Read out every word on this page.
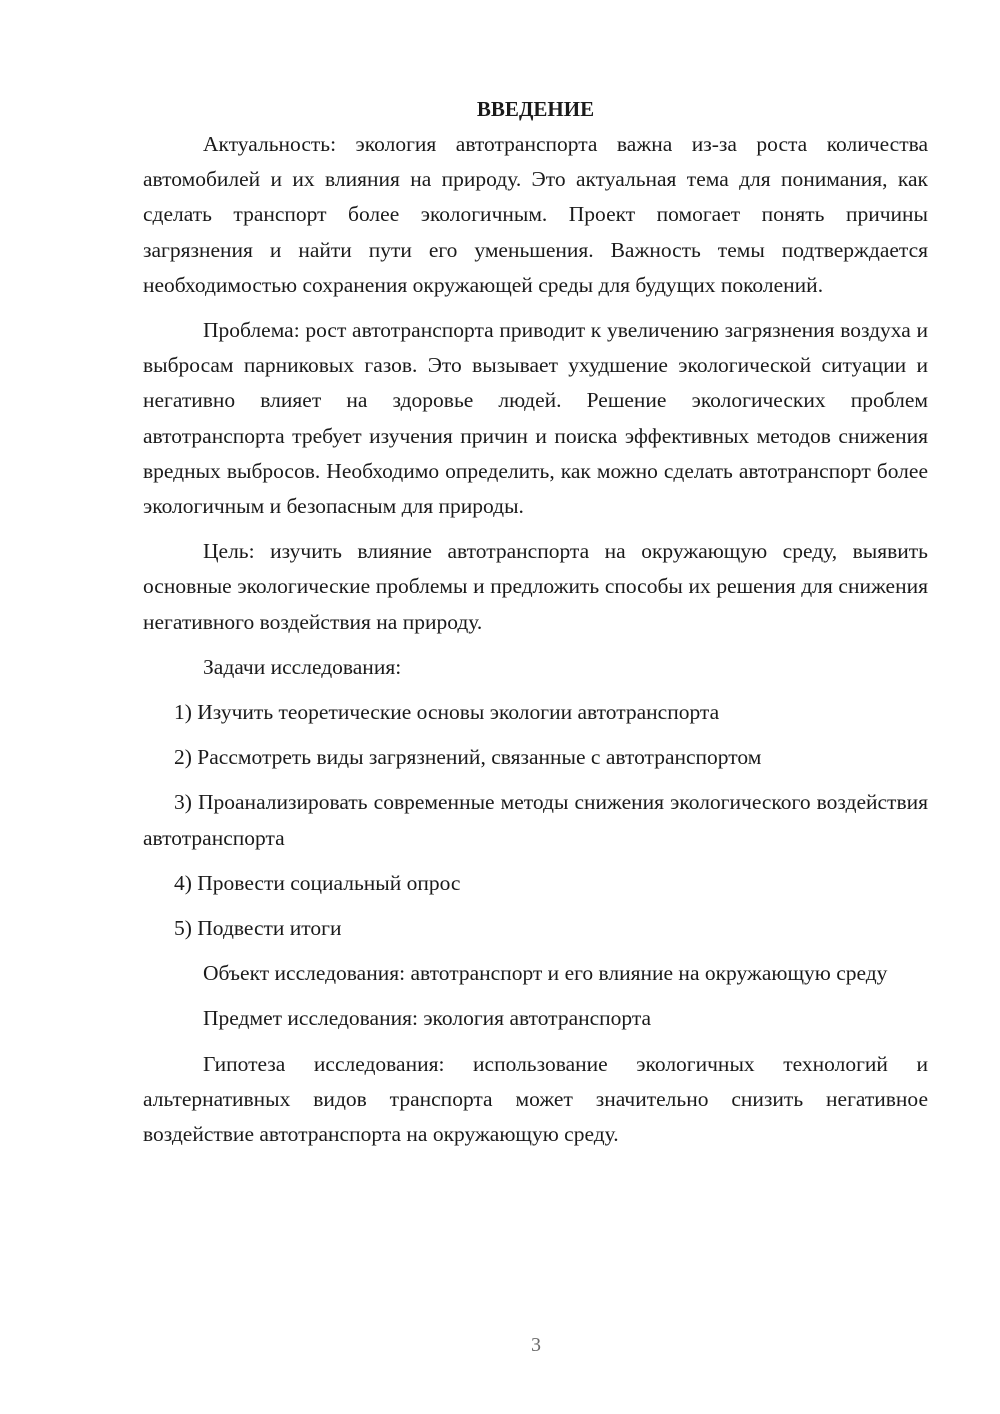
ВВЕДЕНИЕ

Актуальность: экология автотранспорта важна из-за роста количества автомобилей и их влияния на природу. Это актуальная тема для понимания, как сделать транспорт более экологичным. Проект помогает понять причины загрязнения и найти пути его уменьшения. Важность темы подтверждается необходимостью сохранения окружающей среды для будущих поколений.

Проблема: рост автотранспорта приводит к увеличению загрязнения воздуха и выбросам парниковых газов. Это вызывает ухудшение экологической ситуации и негативно влияет на здоровье людей. Решение экологических проблем автотранспорта требует изучения причин и поиска эффективных методов снижения вредных выбросов. Необходимо определить, как можно сделать автотранспорт более экологичным и безопасным для природы.

Цель: изучить влияние автотранспорта на окружающую среду, выявить основные экологические проблемы и предложить способы их решения для снижения негативного воздействия на природу.

Задачи исследования:

1) Изучить теоретические основы экологии автотранспорта

2) Рассмотреть виды загрязнений, связанные с автотранспортом

3) Проанализировать современные методы снижения экологического воздействия автотранспорта

4) Провести социальный опрос

5) Подвести итоги

Объект исследования: автотранспорт и его влияние на окружающую среду

Предмет исследования: экология автотранспорта

Гипотеза исследования: использование экологичных технологий и альтернативных видов транспорта может значительно снизить негативное воздействие автотранспорта на окружающую среду.

3
